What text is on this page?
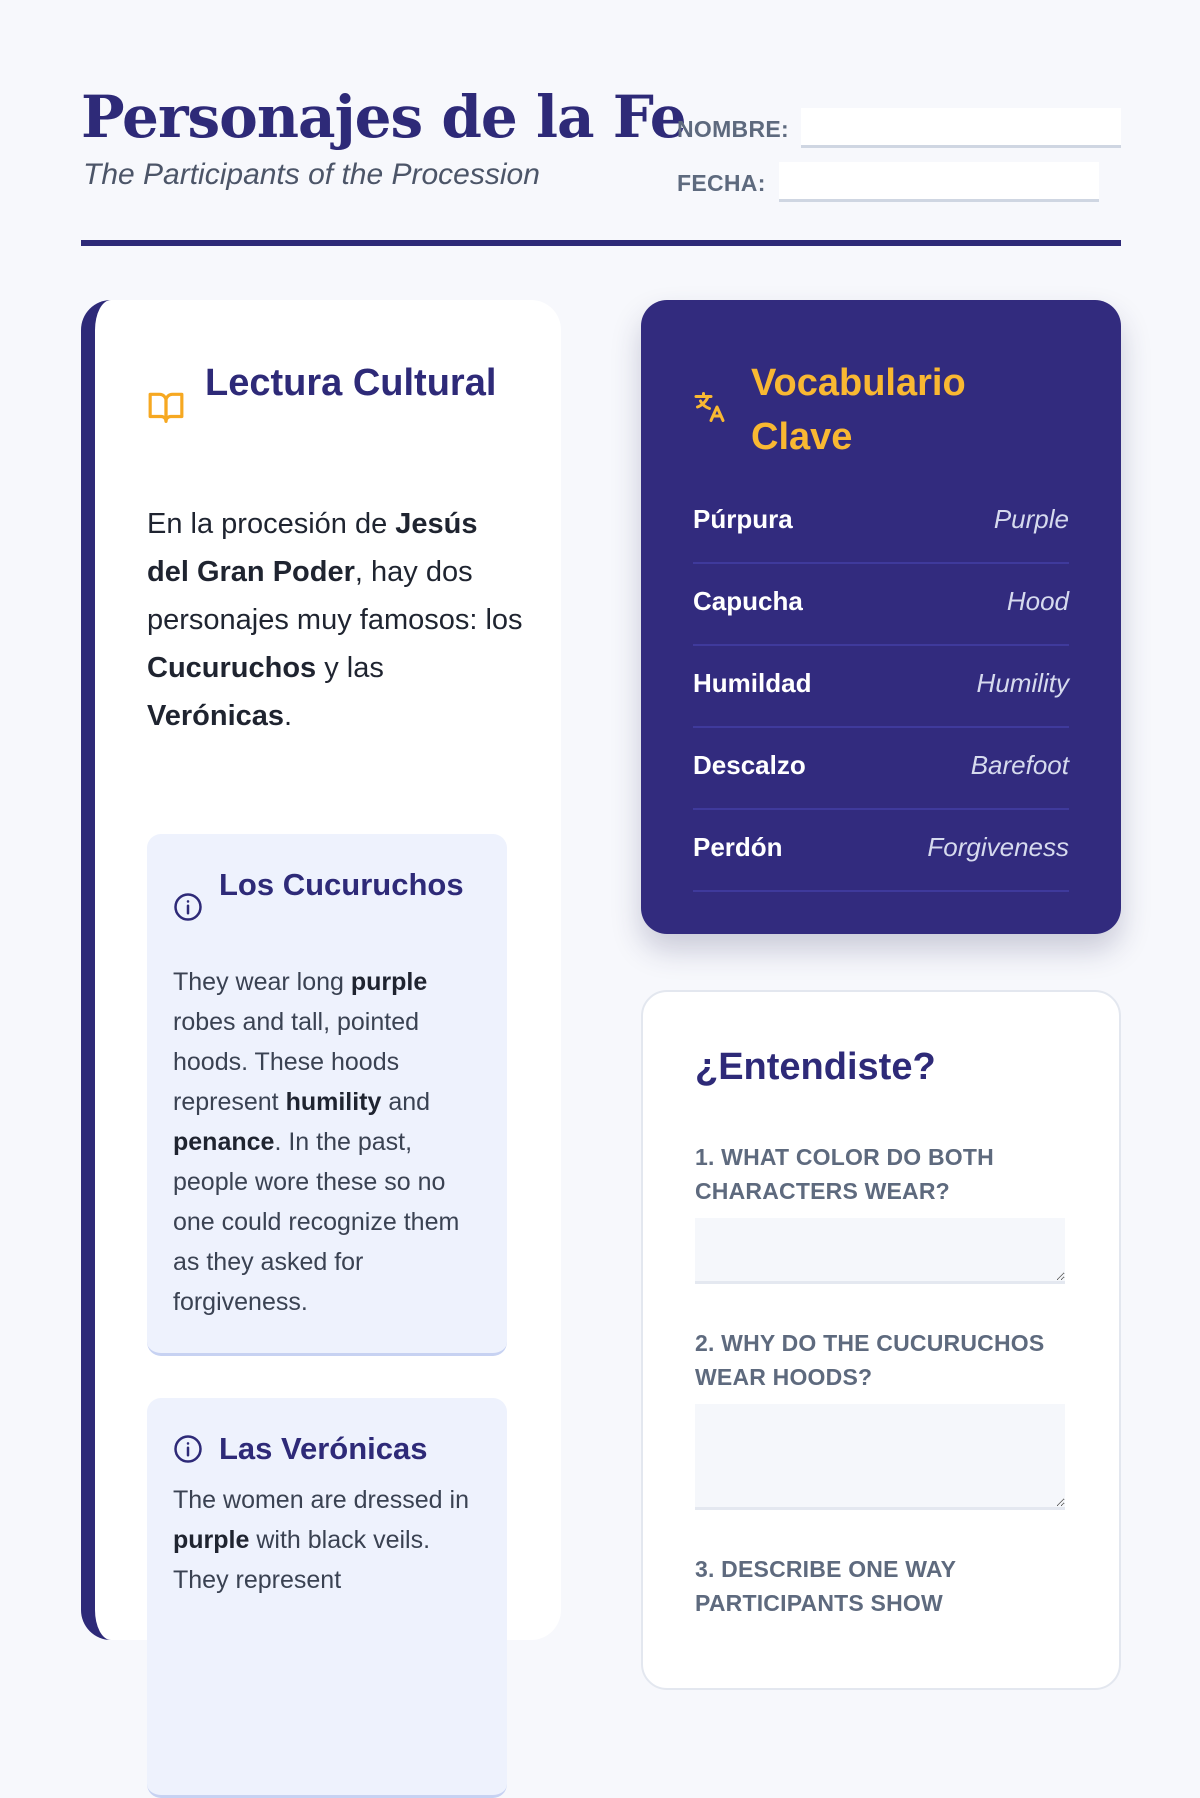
Personajes de la Fe
The Participants of the Procession
NOMBRE:
FECHA:
Lectura Cultural

En la procesión de Jesús del Gran Poder, hay dos personajes muy famosos: los Cucuruchos y las Verónicas.

Los Cucuruchos

They wear long purple robes and tall, pointed hoods. These hoods represent humility and penance. In the past, people wore these so no one could recognize them as they asked for forgiveness.

Las Verónicas

The women are dressed in purple with black veils. They represent

Vocabulario Clave
Púrpura	Purple
Capucha	Hood
Humildad	Humility
Descalzo	Barefoot
Perdón	Forgiveness
¿Entendiste?
1. WHAT COLOR DO BOTH CHARACTERS WEAR?
2. WHY DO THE CUCURUCHOS WEAR HOODS?
3. DESCRIBE ONE WAY PARTICIPANTS SHOW
